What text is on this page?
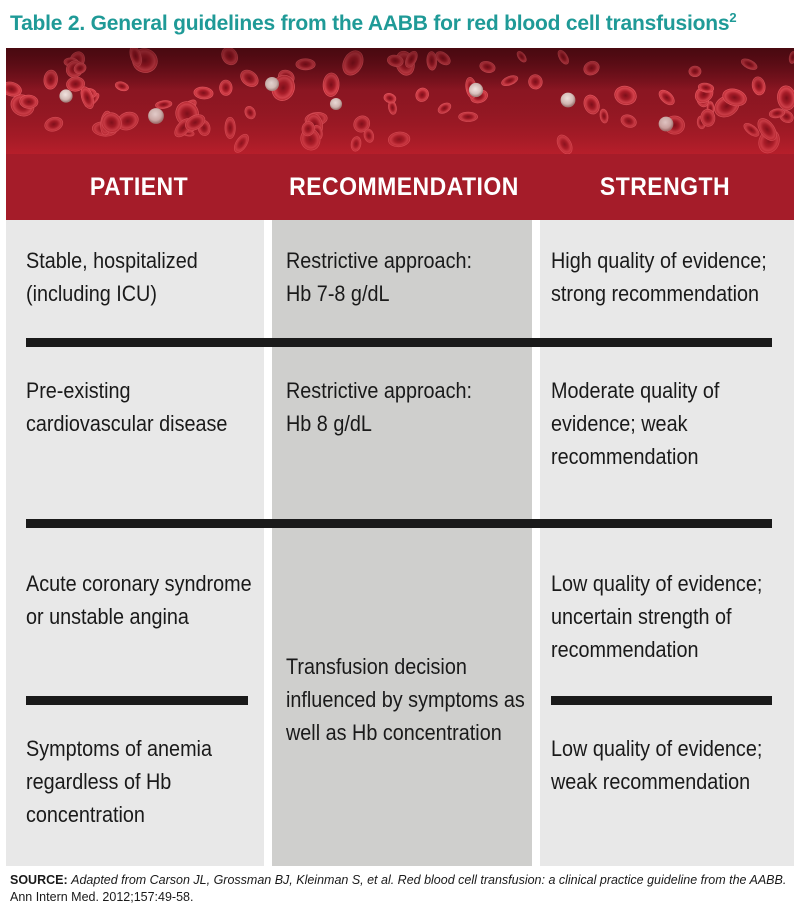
Table 2. General guidelines from the AABB for red blood cell transfusions$^2$
PATIENT	RECOMMENDATION	STRENGTH
Stable, hospitalized
(including ICU)
Restrictive approach:
Hb 7-8 g/dL
High quality of evidence;
strong recommendation
Pre-existing
cardiovascular disease
Restrictive approach:
Hb 8 g/dL
Moderate quality of
evidence; weak
recommendation
Acute coronary syndrome
or unstable angina
Transfusion decision
influenced by symptoms as
well as Hb concentration
Low quality of evidence;
uncertain strength of
recommendation
Symptoms of anemia
regardless of Hb
concentration
Low quality of evidence;
weak recommendation
SOURCE: Adapted from Carson JL, Grossman BJ, Kleinman S, et al. Red blood cell transfusion: a clinical practice guideline from the AABB. Ann Intern Med. 2012;157:49-58.
